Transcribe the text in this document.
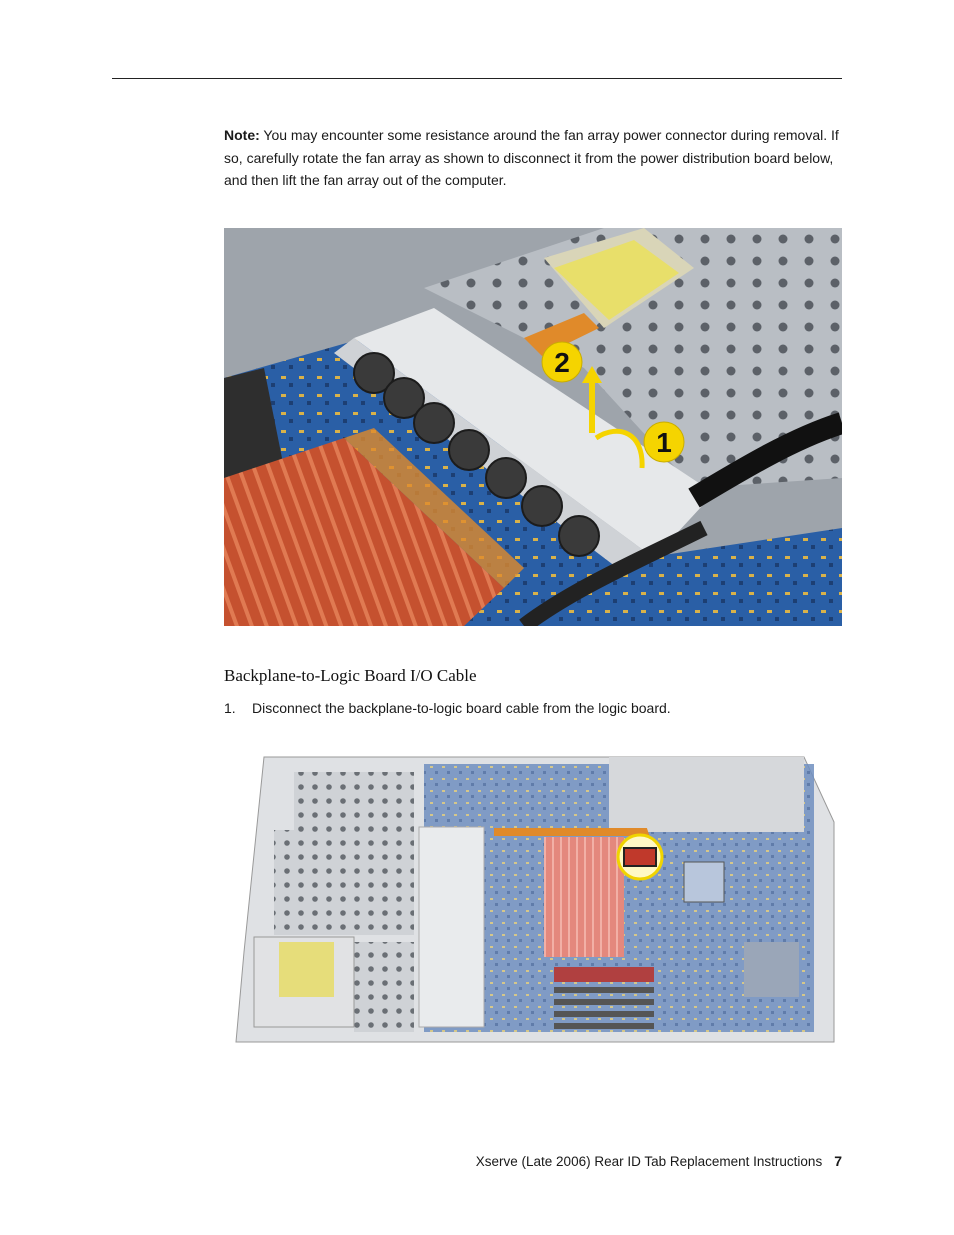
Note: You may encounter some resistance around the fan array power connector during removal. If so, carefully rotate the fan array as shown to disconnect it from the power distribution board below, and then lift the fan array out of the computer.

2
1
Backplane-to-Logic Board I/O Cable
1. Disconnect the backplane-to-logic board cable from the logic board.
Xserve (Late 2006) Rear ID Tab Replacement Instructions 7
